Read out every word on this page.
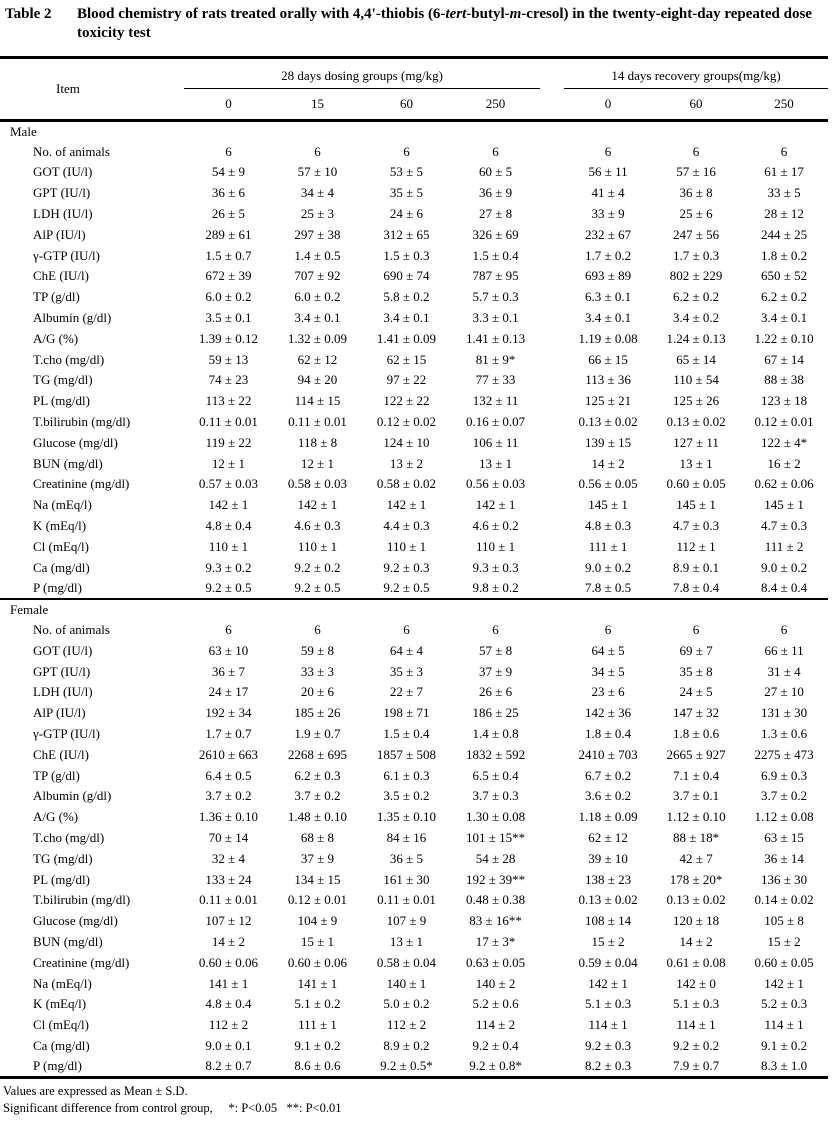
Table 2	Blood chemistry of rats treated orally with 4,4'-thiobis (6-tert-butyl-m-cresol) in the twenty-eight-day repeated dose toxicity test
Item	28 days dosing groups (mg/kg)					14 days recovery groups(mg/kg)		
	0	15	60	250		0	60	250
Male								
No. of animals	6	6	6	6		6	6	6
GOT (IU/l)	54 ± 9	57 ± 10	53 ± 5	60 ± 5		56 ± 11	57 ± 16	61 ± 17
GPT (IU/l)	36 ± 6	34 ± 4	35 ± 5	36 ± 9		41 ± 4	36 ± 8	33 ± 5
LDH (IU/l)	26 ± 5	25 ± 3	24 ± 6	27 ± 8		33 ± 9	25 ± 6	28 ± 12
AlP (IU/l)	289 ± 61	297 ± 38	312 ± 65	326 ± 69		232 ± 67	247 ± 56	244 ± 25
γ-GTP (IU/l)	1.5 ± 0.7	1.4 ± 0.5	1.5 ± 0.3	1.5 ± 0.4		1.7 ± 0.2	1.7 ± 0.3	1.8 ± 0.2
ChE (IU/l)	672 ± 39	707 ± 92	690 ± 74	787 ± 95		693 ± 89	802 ± 229	650 ± 52
TP (g/dl)	6.0 ± 0.2	6.0 ± 0.2	5.8 ± 0.2	5.7 ± 0.3		6.3 ± 0.1	6.2 ± 0.2	6.2 ± 0.2
Albumin (g/dl)	3.5 ± 0.1	3.4 ± 0.1	3.4 ± 0.1	3.3 ± 0.1		3.4 ± 0.1	3.4 ± 0.2	3.4 ± 0.1
A/G (%)	1.39 ± 0.12	1.32 ± 0.09	1.41 ± 0.09	1.41 ± 0.13		1.19 ± 0.08	1.24 ± 0.13	1.22 ± 0.10
T.cho (mg/dl)	59 ± 13	62 ± 12	62 ± 15	81 ± 9*		66 ± 15	65 ± 14	67 ± 14
TG (mg/dl)	74 ± 23	94 ± 20	97 ± 22	77 ± 33		113 ± 36	110 ± 54	88 ± 38
PL (mg/dl)	113 ± 22	114 ± 15	122 ± 22	132 ± 11		125 ± 21	125 ± 26	123 ± 18
T.bilirubin (mg/dl)	0.11 ± 0.01	0.11 ± 0.01	0.12 ± 0.02	0.16 ± 0.07		0.13 ± 0.02	0.13 ± 0.02	0.12 ± 0.01
Glucose (mg/dl)	119 ± 22	118 ± 8	124 ± 10	106 ± 11		139 ± 15	127 ± 11	122 ± 4*
BUN (mg/dl)	12 ± 1	12 ± 1	13 ± 2	13 ± 1		14 ± 2	13 ± 1	16 ± 2
Creatinine (mg/dl)	0.57 ± 0.03	0.58 ± 0.03	0.58 ± 0.02	0.56 ± 0.03		0.56 ± 0.05	0.60 ± 0.05	0.62 ± 0.06
Na (mEq/l)	142 ± 1	142 ± 1	142 ± 1	142 ± 1		145 ± 1	145 ± 1	145 ± 1
K (mEq/l)	4.8 ± 0.4	4.6 ± 0.3	4.4 ± 0.3	4.6 ± 0.2		4.8 ± 0.3	4.7 ± 0.3	4.7 ± 0.3
Cl (mEq/l)	110 ± 1	110 ± 1	110 ± 1	110 ± 1		111 ± 1	112 ± 1	111 ± 2
Ca (mg/dl)	9.3 ± 0.2	9.2 ± 0.2	9.2 ± 0.3	9.3 ± 0.3		9.0 ± 0.2	8.9 ± 0.1	9.0 ± 0.2
P (mg/dl)	9.2 ± 0.5	9.2 ± 0.5	9.2 ± 0.5	9.8 ± 0.2		7.8 ± 0.5	7.8 ± 0.4	8.4 ± 0.4
Female								
No. of animals	6	6	6	6		6	6	6
GOT (IU/l)	63 ± 10	59 ± 8	64 ± 4	57 ± 8		64 ± 5	69 ± 7	66 ± 11
GPT (IU/l)	36 ± 7	33 ± 3	35 ± 3	37 ± 9		34 ± 5	35 ± 8	31 ± 4
LDH (IU/l)	24 ± 17	20 ± 6	22 ± 7	26 ± 6		23 ± 6	24 ± 5	27 ± 10
AlP (IU/l)	192 ± 34	185 ± 26	198 ± 71	186 ± 25		142 ± 36	147 ± 32	131 ± 30
γ-GTP (IU/l)	1.7 ± 0.7	1.9 ± 0.7	1.5 ± 0.4	1.4 ± 0.8		1.8 ± 0.4	1.8 ± 0.6	1.3 ± 0.6
ChE (IU/l)	2610 ± 663	2268 ± 695	1857 ± 508	1832 ± 592		2410 ± 703	2665 ± 927	2275 ± 473
TP (g/dl)	6.4 ± 0.5	6.2 ± 0.3	6.1 ± 0.3	6.5 ± 0.4		6.7 ± 0.2	7.1 ± 0.4	6.9 ± 0.3
Albumin (g/dl)	3.7 ± 0.2	3.7 ± 0.2	3.5 ± 0.2	3.7 ± 0.3		3.6 ± 0.2	3.7 ± 0.1	3.7 ± 0.2
A/G (%)	1.36 ± 0.10	1.48 ± 0.10	1.35 ± 0.10	1.30 ± 0.08		1.18 ± 0.09	1.12 ± 0.10	1.12 ± 0.08
T.cho (mg/dl)	70 ± 14	68 ± 8	84 ± 16	101 ± 15**		62 ± 12	88 ± 18*	63 ± 15
TG (mg/dl)	32 ± 4	37 ± 9	36 ± 5	54 ± 28		39 ± 10	42 ± 7	36 ± 14
PL (mg/dl)	133 ± 24	134 ± 15	161 ± 30	192 ± 39**		138 ± 23	178 ± 20*	136 ± 30
T.bilirubin (mg/dl)	0.11 ± 0.01	0.12 ± 0.01	0.11 ± 0.01	0.48 ± 0.38		0.13 ± 0.02	0.13 ± 0.02	0.14 ± 0.02
Glucose (mg/dl)	107 ± 12	104 ± 9	107 ± 9	83 ± 16**		108 ± 14	120 ± 18	105 ± 8
BUN (mg/dl)	14 ± 2	15 ± 1	13 ± 1	17 ± 3*		15 ± 2	14 ± 2	15 ± 2
Creatinine (mg/dl)	0.60 ± 0.06	0.60 ± 0.06	0.58 ± 0.04	0.63 ± 0.05		0.59 ± 0.04	0.61 ± 0.08	0.60 ± 0.05
Na (mEq/l)	141 ± 1	141 ± 1	140 ± 1	140 ± 2		142 ± 1	142 ± 0	142 ± 1
K (mEq/l)	4.8 ± 0.4	5.1 ± 0.2	5.0 ± 0.2	5.2 ± 0.6		5.1 ± 0.3	5.1 ± 0.3	5.2 ± 0.3
Cl (mEq/l)	112 ± 2	111 ± 1	112 ± 2	114 ± 2		114 ± 1	114 ± 1	114 ± 1
Ca (mg/dl)	9.0 ± 0.1	9.1 ± 0.2	8.9 ± 0.2	9.2 ± 0.4		9.2 ± 0.3	9.2 ± 0.2	9.1 ± 0.2
P (mg/dl)	8.2 ± 0.7	8.6 ± 0.6	9.2 ± 0.5*	9.2 ± 0.8*		8.2 ± 0.3	7.9 ± 0.7	8.3 ± 1.0
Values are expressed as Mean ± S.D.
Significant difference from control group,     *: P<0.05   **: P<0.01
